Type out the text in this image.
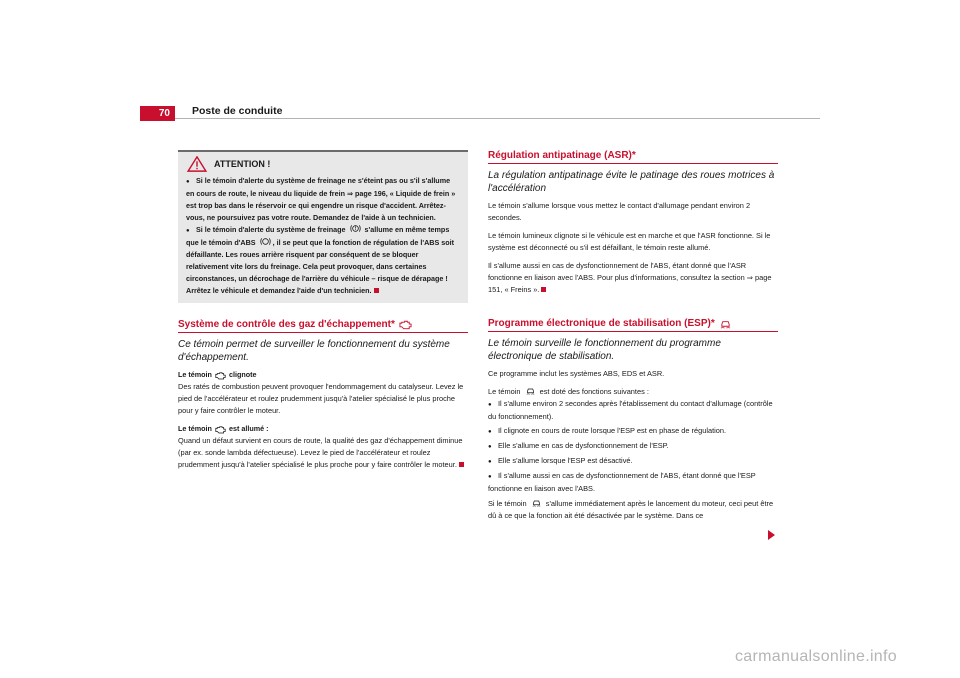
70	Poste de conduite
ATTENTION !
● Si le témoin d'alerte du système de freinage ne s'éteint pas ou s'il s'allume en cours de route, le niveau du liquide de frein ⇒ page 196, « Liquide de frein » est trop bas dans le réservoir ce qui engendre un risque d'accident. Arrêtez-vous, ne poursuivez pas votre route. Demandez de l'aide à un technicien.
● Si le témoin d'alerte du système de freinage ! s'allume en même temps que le témoin d'ABS , il se peut que la fonction de régulation de l'ABS soit défaillante. Les roues arrière risquent par conséquent de se bloquer relativement vite lors du freinage. Cela peut provoquer, dans certaines circonstances, un décrochage de l'arrière du véhicule – risque de dérapage ! Arrêtez le véhicule et demandez l'aide d'un technicien.
Système de contrôle des gaz d'échappement*
Ce témoin permet de surveiller le fonctionnement du système d'échappement.
Le témoin clignote
Des ratés de combustion peuvent provoquer l'endommagement du catalyseur. Levez le pied de l'accélérateur et roulez prudemment jusqu'à l'atelier spécialisé le plus proche pour y faire contrôler le moteur.
Le témoin est allumé :
Quand un défaut survient en cours de route, la qualité des gaz d'échappement diminue (par ex. sonde lambda défectueuse). Levez le pied de l'accélérateur et roulez prudemment jusqu'à l'atelier spécialisé le plus proche pour y faire contrôler le moteur.
Régulation antipatinage (ASR)*
La régulation antipatinage évite le patinage des roues motrices à l'accélération
Le témoin s'allume lorsque vous mettez le contact d'allumage pendant environ 2 secondes.
Le témoin lumineux clignote si le véhicule est en marche et que l'ASR fonctionne. Si le système est déconnecté ou s'il est défaillant, le témoin reste allumé.
Il s'allume aussi en cas de dysfonctionnement de l'ABS, étant donné que l'ASR fonctionne en liaison avec l'ABS. Pour plus d'informations, consultez la section ⇒ page 151, « Freins ».
Programme électronique de stabilisation (ESP)*
Le témoin surveille le fonctionnement du programme électronique de stabilisation.
Ce programme inclut les systèmes ABS, EDS et ASR.
Le témoin	est doté des fonctions suivantes :
● Il s'allume environ 2 secondes après l'établissement du contact d'allumage (contrôle du fonctionnement).
● Il clignote en cours de route lorsque l'ESP est en phase de régulation.
● Elle s'allume en cas de dysfonctionnement de l'ESP.
● Elle s'allume lorsque l'ESP est désactivé.
● Il s'allume aussi en cas de dysfonctionnement de l'ABS, étant donné que l'ESP fonctionne en liaison avec l'ABS.
Si le témoin	s'allume immédiatement après le lancement du moteur, ceci peut être dû à ce que la fonction ait été désactivée par le système. Dans ce
carmanualsonline.info
